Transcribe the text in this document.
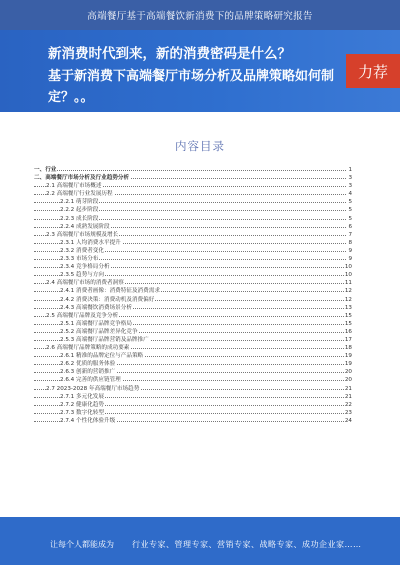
高端餐厅基于高端餐饮新消费下的品牌策略研究报告
新消费时代到来，新的消费密码是什么？
基于新消费下高端餐厅市场分析及品牌策略如何制定？。。
力荐
内容目录
一、行业	1
二、高端餐厅市场分析及行业趋势分析	3
2.1 高端餐厅市场概述	3
2.2 高端餐厅行业发展历程	4
2.2.1 萌芽阶段	5
2.2.2 起步阶段	5
2.2.3 成长阶段	5
2.2.4 成熟发展阶段	6
2.3 高端餐厅市场规模及增长	7
2.3.1 人均消费水平提升	8
2.3.2 消费者变化	9
2.3.3 市场分布	9
2.3.4 竞争格局分析	10
2.3.5 趋势与方向	10
2.4 高端餐厅市场的消费者洞察	11
2.4.1 消费者画像：消费特征及消费需求	12
2.4.2 消费决策：消费动机及消费偏好	12
2.4.3 高端餐饮消费场景分析	13
2.5 高端餐厅品牌及竞争分析	15
2.5.1 高端餐厅品牌竞争格局	15
2.5.2 高端餐厅品牌差异化竞争	16
2.5.3 高端餐厅品牌营销及品牌推广	17
2.6 高端餐厅品牌策略的成功要素	18
2.6.1 精准的品牌定位与产品策略	19
2.6.2 优质的服务体验	19
2.6.3 创新的营销推广	20
2.6.4 完善的供应链管理	20
2.7 2023-2028 年高端餐厅市场趋势	21
2.7.1 多元化发展	21
2.7.2 健康化趋势	22
2.7.3 数字化转型	23
2.7.4 个性化体验升级	24
让每个人都能成为 行业专家、管理专家、营销专家、战略专家、成功企业家……
